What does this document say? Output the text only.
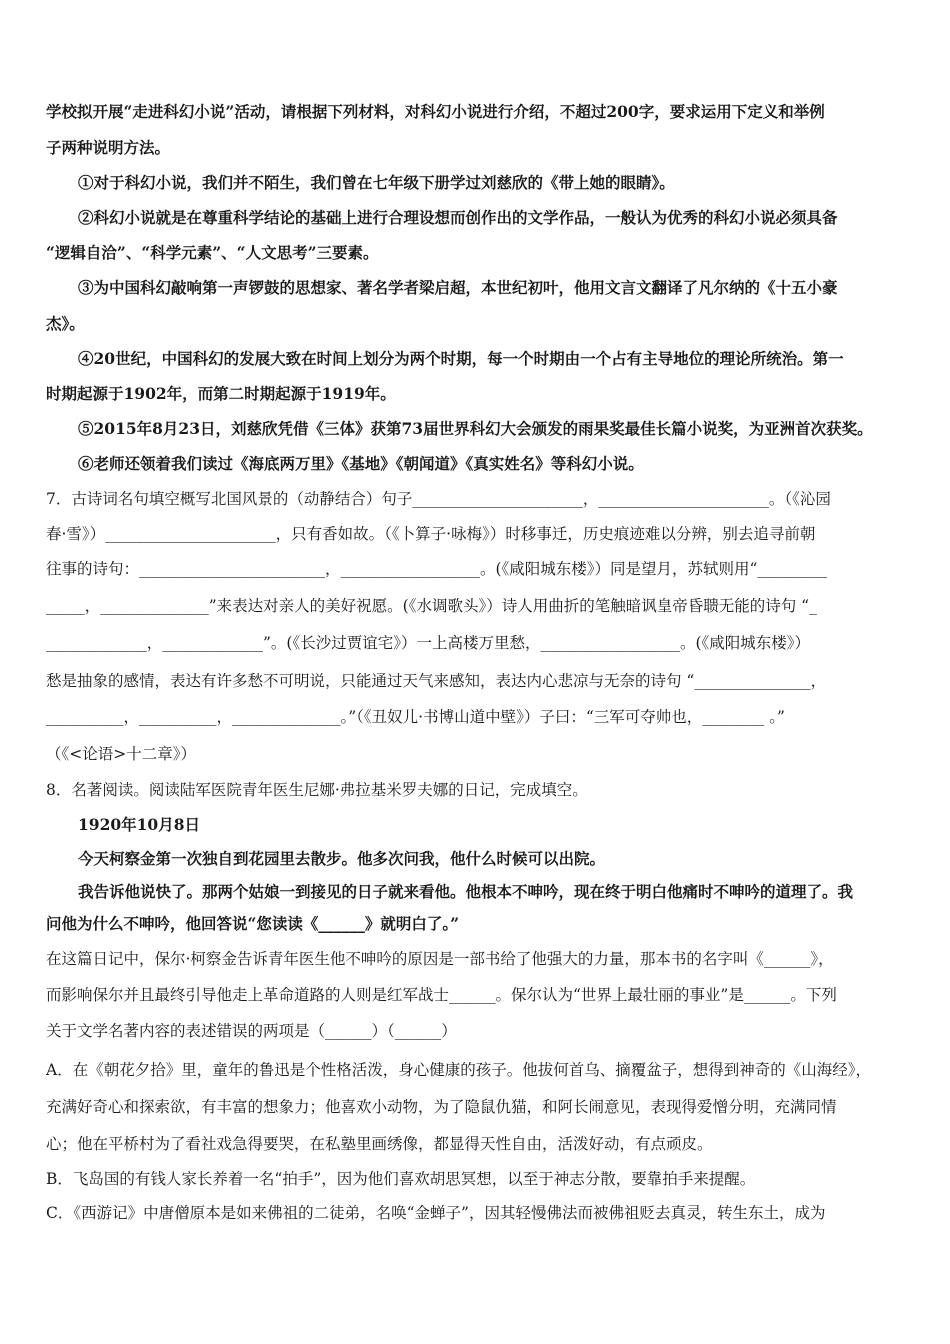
学校拟开展“走进科幻小说”活动，请根据下列材料，对科幻小说进行介绍，不超过200字，要求运用下定义和举例
子两种说明方法。
①对于科幻小说，我们并不陌生，我们曾在七年级下册学过刘慈欣的《带上她的眼睛》。
②科幻小说就是在尊重科学结论的基础上进行合理设想而创作出的文学作品，一般认为优秀的科幻小说必须具备
“逻辑自洽”、“科学元素”、“人文思考”三要素。
③为中国科幻敲响第一声锣鼓的思想家、著名学者梁启超，本世纪初叶，他用文言文翻译了凡尔纳的《十五小豪
杰》。
④20世纪，中国科幻的发展大致在时间上划分为两个时期，每一个时期由一个占有主导地位的理论所统治。第一
时期起源于1902年，而第二时期起源于1919年。
⑤2015年8月23日，刘慈欣凭借《三体》获第73届世界科幻大会颁发的雨果奖最佳长篇小说奖，为亚洲首次获奖。
⑥老师还领着我们读过《海底两万里》《基地》《朝闻道》《真实姓名》等科幻小说。
7．古诗词名句填空概写北国风景的（动静结合）句子______________________，______________________。（《沁园
春·雪》）______________________，只有香如故。（《卜算子·咏梅》）时移事迁，历史痕迹难以分辨，别去追寻前朝
往事的诗句：________________________，__________________。(《咸阳城东楼》）同是望月，苏轼则用“_________
_____，______________”来表达对亲人的美好祝愿。(《水调歌头》）诗人用曲折的笔触暗讽皇帝昏聩无能的诗句 “_
_____________，_____________”。(《长沙过贾谊宅》）一上高楼万里愁，__________________。(《咸阳城东楼》）
愁是抽象的感情，表达有许多愁不可明说，只能通过天气来感知，表达内心悲凉与无奈的诗句 “_______________，
__________，__________，______________。”（《丑奴儿·书博山道中壁》）子曰：“三军可夺帅也，________ 。”
（《<论语>十二章》）
8．名著阅读。阅读陆军医院青年医生尼娜·弗拉基米罗夫娜的日记，完成填空。
1920年10月8日
今天柯察金第一次独自到花园里去散步。他多次问我，他什么时候可以出院。
我告诉他说快了。那两个姑娘一到接见的日子就来看他。他根本不呻吟，现在终于明白他痛时不呻吟的道理了。我
问他为什么不呻吟，他回答说“您读读《______》就明白了。”
在这篇日记中，保尔·柯察金告诉青年医生他不呻吟的原因是一部书给了他强大的力量，那本书的名字叫《______》，
而影响保尔并且最终引导他走上革命道路的人则是红军战士______。保尔认为“世界上最壮丽的事业”是______。下列
关于文学名著内容的表述错误的两项是（______）（______）
A．在《朝花夕拾》里，童年的鲁迅是个性格活泼，身心健康的孩子。他拔何首乌、摘覆盆子，想得到神奇的《山海经》，
充满好奇心和探索欲，有丰富的想象力；他喜欢小动物，为了隐鼠仇猫，和阿长闹意见，表现得爱憎分明，充满同情
心；他在平桥村为了看社戏急得要哭，在私塾里画绣像，都显得天性自由，活泼好动，有点顽皮。
B．飞岛国的有钱人家长养着一名“拍手”，因为他们喜欢胡思冥想，以至于神志分散，要靠拍手来提醒。
C．《西游记》中唐僧原本是如来佛祖的二徒弟，名唤“金蝉子”，因其轻慢佛法而被佛祖贬去真灵，转生东土，成为
